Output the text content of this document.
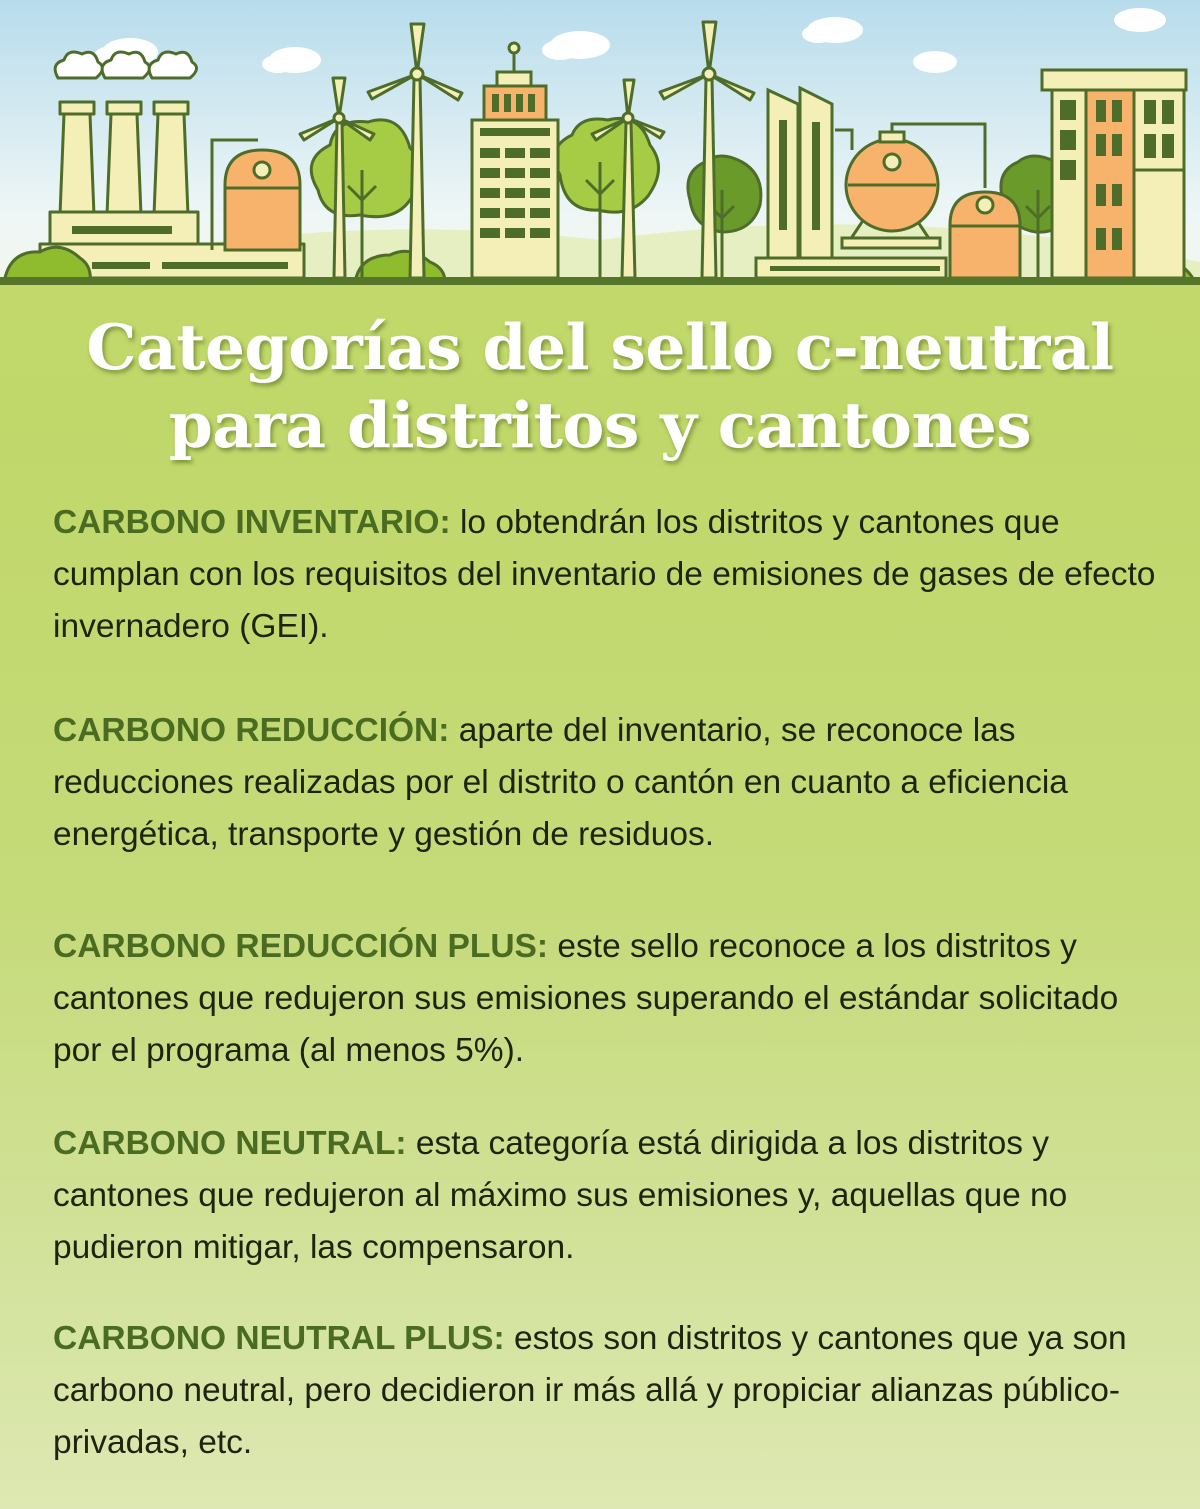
Categorías del sello c-neutral
para distritos y cantones

CARBONO INVENTARIO: lo obtendrán los distritos y cantones que cumplan con los requisitos del inventario de emisiones de gases de efecto invernadero (GEI).

CARBONO REDUCCIÓN: aparte del inventario, se reconoce las reducciones realizadas por el distrito o cantón en cuanto a eficiencia energética, transporte y gestión de residuos.

CARBONO REDUCCIÓN PLUS: este sello reconoce a los distritos y cantones que redujeron sus emisiones superando el estándar solicitado por el programa (al menos 5%).

CARBONO NEUTRAL: esta categoría está dirigida a los distritos y cantones que redujeron al máximo sus emisiones y, aquellas que no pudieron mitigar, las compensaron.

CARBONO NEUTRAL PLUS: estos son distritos y cantones que ya son carbono neutral, pero decidieron ir más allá y propiciar alianzas público-privadas, etc.
